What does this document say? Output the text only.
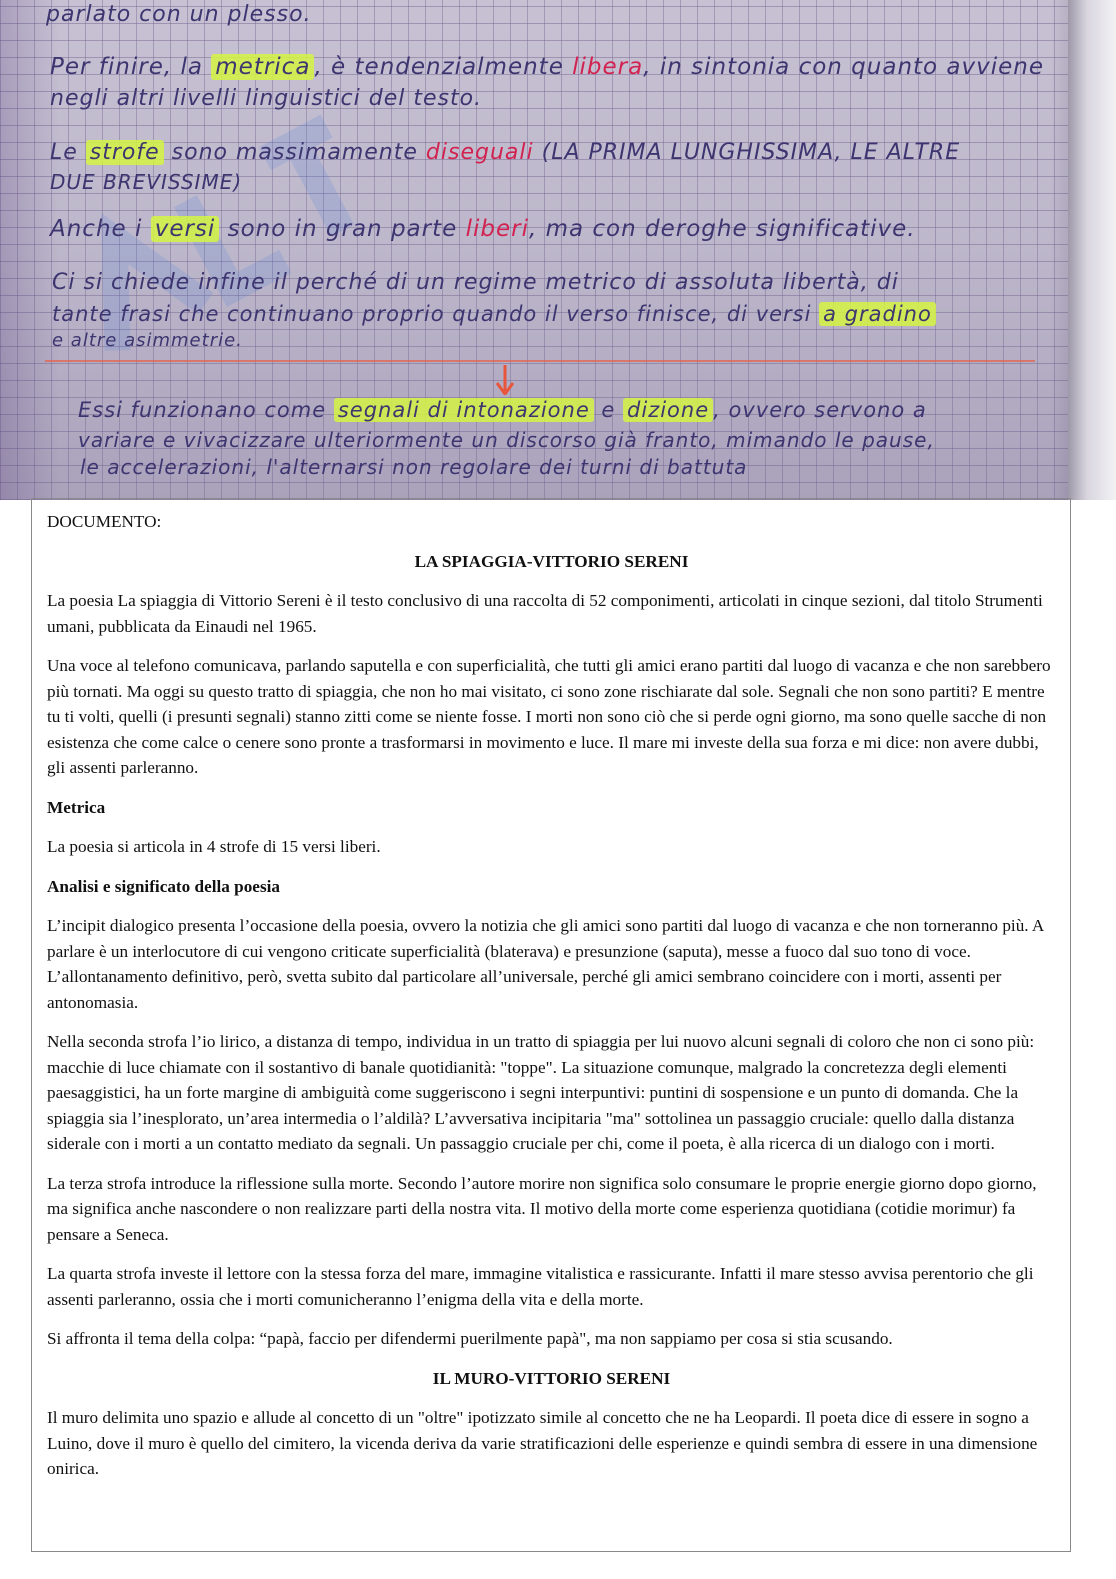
parlato con un plesso.
Per finire, la metrica , è tendenzialmente libera, in sintonia con quanto avviene
negli altri livelli linguistici del testo.
Le strofe sono massimamente diseguali (LA PRIMA LUNGHISSIMA, LE ALTRE
DUE BREVISSIME)
Anche i versi sono in gran parte liberi, ma con deroghe significative.
Ci si chiede infine il perché di un regime metrico di assoluta libertà, di
tante frasi che continuano proprio quando il verso finisce, di versi a gradino
e altre asimmetrie.
Essi funzionano come segnali di intonazione e dizione , ovvero servono a
variare e vivacizzare ulteriormente un discorso già franto, mimando le pause,
le accelerazioni, l'alternarsi non regolare dei turni di battuta

DOCUMENTO:

LA SPIAGGIA-VITTORIO SERENI

La poesia La spiaggia di Vittorio Sereni è il testo conclusivo di una raccolta di 52 componimenti, articolati in cinque sezioni, dal titolo Strumenti umani, pubblicata da Einaudi nel 1965.

Una voce al telefono comunicava, parlando saputella e con superficialità, che tutti gli amici erano partiti dal luogo di vacanza e che non sarebbero più tornati. Ma oggi su questo tratto di spiaggia, che non ho mai visitato, ci sono zone rischiarate dal sole. Segnali che non sono partiti? E mentre tu ti volti, quelli (i presunti segnali) stanno zitti come se niente fosse. I morti non sono ciò che si perde ogni giorno, ma sono quelle sacche di non esistenza che come calce o cenere sono pronte a trasformarsi in movimento e luce. Il mare mi investe della sua forza e mi dice: non avere dubbi, gli assenti parleranno.

Metrica

La poesia si articola in 4 strofe di 15 versi liberi.

Analisi e significato della poesia

L’incipit dialogico presenta l’occasione della poesia, ovvero la notizia che gli amici sono partiti dal luogo di vacanza e che non torneranno più. A parlare è un interlocutore di cui vengono criticate superficialità (blaterava) e presunzione (saputa), messe a fuoco dal suo tono di voce. L’allontanamento definitivo, però, svetta subito dal particolare all’universale, perché gli amici sembrano coincidere con i morti, assenti per antonomasia.

Nella seconda strofa l’io lirico, a distanza di tempo, individua in un tratto di spiaggia per lui nuovo alcuni segnali di coloro che non ci sono più: macchie di luce chiamate con il sostantivo di banale quotidianità: "toppe". La situazione comunque, malgrado la concretezza degli elementi paesaggistici, ha un forte margine di ambiguità come suggeriscono i segni interpuntivi: puntini di sospensione e un punto di domanda. Che la spiaggia sia l’inesplorato, un’area intermedia o l’aldilà? L’avversativa incipitaria "ma" sottolinea un passaggio cruciale: quello dalla distanza siderale con i morti a un contatto mediato da segnali. Un passaggio cruciale per chi, come il poeta, è alla ricerca di un dialogo con i morti.

La terza strofa introduce la riflessione sulla morte. Secondo l’autore morire non significa solo consumare le proprie energie giorno dopo giorno, ma significa anche nascondere o non realizzare parti della nostra vita. Il motivo della morte come esperienza quotidiana (cotidie morimur) fa pensare a Seneca.

La quarta strofa investe il lettore con la stessa forza del mare, immagine vitalistica e rassicurante. Infatti il mare stesso avvisa perentorio che gli assenti parleranno, ossia che i morti comunicheranno l’enigma della vita e della morte.

Si affronta il tema della colpa: “papà, faccio per difendermi puerilmente papà", ma non sappiamo per cosa si stia scusando.

IL MURO-VITTORIO SERENI

Il muro delimita uno spazio e allude al concetto di un "oltre" ipotizzato simile al concetto che ne ha Leopardi. Il poeta dice di essere in sogno a Luino, dove il muro è quello del cimitero, la vicenda deriva da varie stratificazioni delle esperienze e quindi sembra di essere in una dimensione onirica.
